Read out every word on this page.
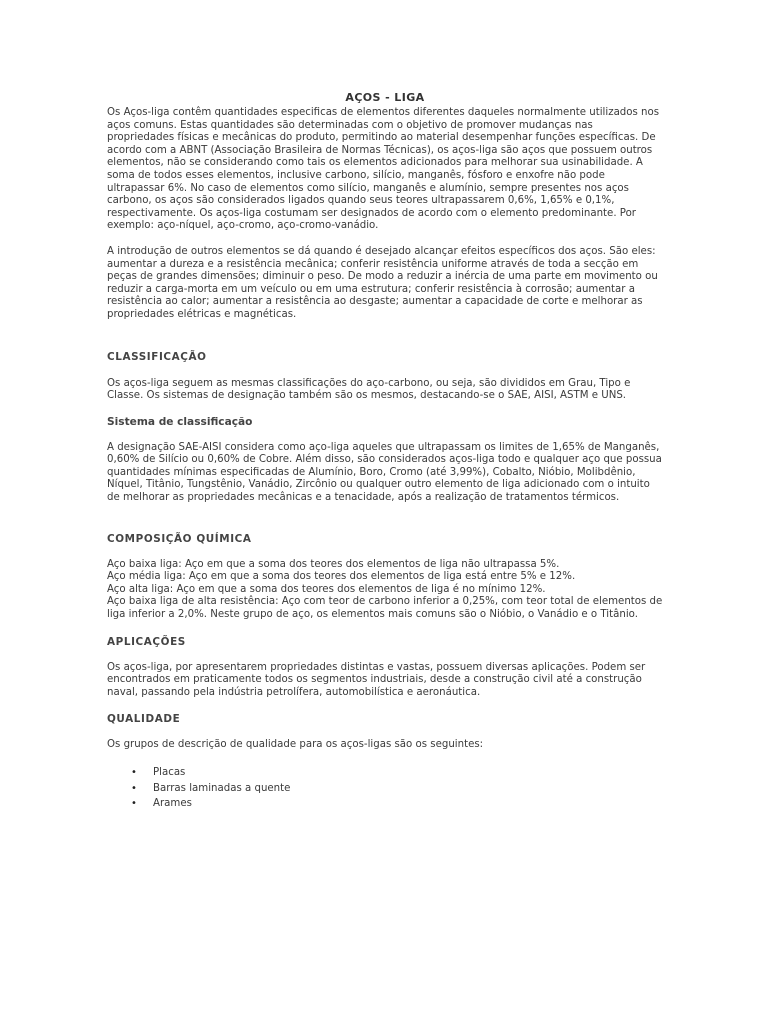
AÇOS - LIGA

Os Aços-liga contêm quantidades especificas de elementos diferentes daqueles normalmente utilizados nos aços comuns. Estas quantidades são determinadas com o objetivo de promover mudanças nas propriedades físicas e mecânicas do produto, permitindo ao material desempenhar funções específicas. De acordo com a ABNT (Associação Brasileira de Normas Técnicas), os aços-liga são aços que possuem outros elementos, não se considerando como tais os elementos adicionados para melhorar sua usinabilidade. A soma de todos esses elementos, inclusive carbono, silício, manganês, fósforo e enxofre não pode ultrapassar 6%. No caso de elementos como silício, manganês e alumínio, sempre presentes nos aços carbono, os aços são considerados ligados quando seus teores ultrapassarem 0,6%, 1,65% e 0,1%, respectivamente. Os aços-liga costumam ser designados de acordo com o elemento predominante. Por exemplo: aço-níquel, aço-cromo, aço-cromo-vanádio.

A introdução de outros elementos se dá quando é desejado alcançar efeitos específicos dos aços. São eles: aumentar a dureza e a resistência mecânica; conferir resistência uniforme através de toda a secção em peças de grandes dimensões; diminuir o peso. De modo a reduzir a inércia de uma parte em movimento ou reduzir a carga-morta em um veículo ou em uma estrutura; conferir resistência à corrosão; aumentar a resistência ao calor; aumentar a resistência ao desgaste; aumentar a capacidade de corte e melhorar as propriedades elétricas e magnéticas.

CLASSIFICAÇÃO

Os aços-liga seguem as mesmas classificações do aço-carbono, ou seja, são divididos em Grau, Tipo e Classe. Os sistemas de designação também são os mesmos, destacando-se o SAE, AISI, ASTM e UNS.

Sistema de classificação

A designação SAE-AISI considera como aço-liga aqueles que ultrapassam os limites de 1,65% de Manganês, 0,60% de Silício ou 0,60% de Cobre. Além disso, são considerados aços-liga todo e qualquer aço que possua quantidades mínimas especificadas de Alumínio, Boro, Cromo (até 3,99%), Cobalto, Nióbio, Molibdênio, Níquel, Titânio, Tungstênio, Vanádio, Zircônio ou qualquer outro elemento de liga adicionado com o intuito de melhorar as propriedades mecânicas e a tenacidade, após a realização de tratamentos térmicos.

COMPOSIÇÃO QUÍMICA

Aço baixa liga: Aço em que a soma dos teores dos elementos de liga não ultrapassa 5%.
Aço média liga: Aço em que a soma dos teores dos elementos de liga está entre 5% e 12%.
Aço alta liga: Aço em que a soma dos teores dos elementos de liga é no mínimo 12%.
Aço baixa liga de alta resistência: Aço com teor de carbono inferior a 0,25%, com teor total de elementos de liga inferior a 2,0%. Neste grupo de aço, os elementos mais comuns são o Nióbio, o Vanádio e o Titânio.

APLICAÇÕES

Os aços-liga, por apresentarem propriedades distintas e vastas, possuem diversas aplicações. Podem ser encontrados em praticamente todos os segmentos industriais, desde a construção civil até a construção naval, passando pela indústria petrolífera, automobilística e aeronáutica.

QUALIDADE

Os grupos de descrição de qualidade para os aços-ligas são os seguintes:

• Placas
• Barras laminadas a quente
• Arames
